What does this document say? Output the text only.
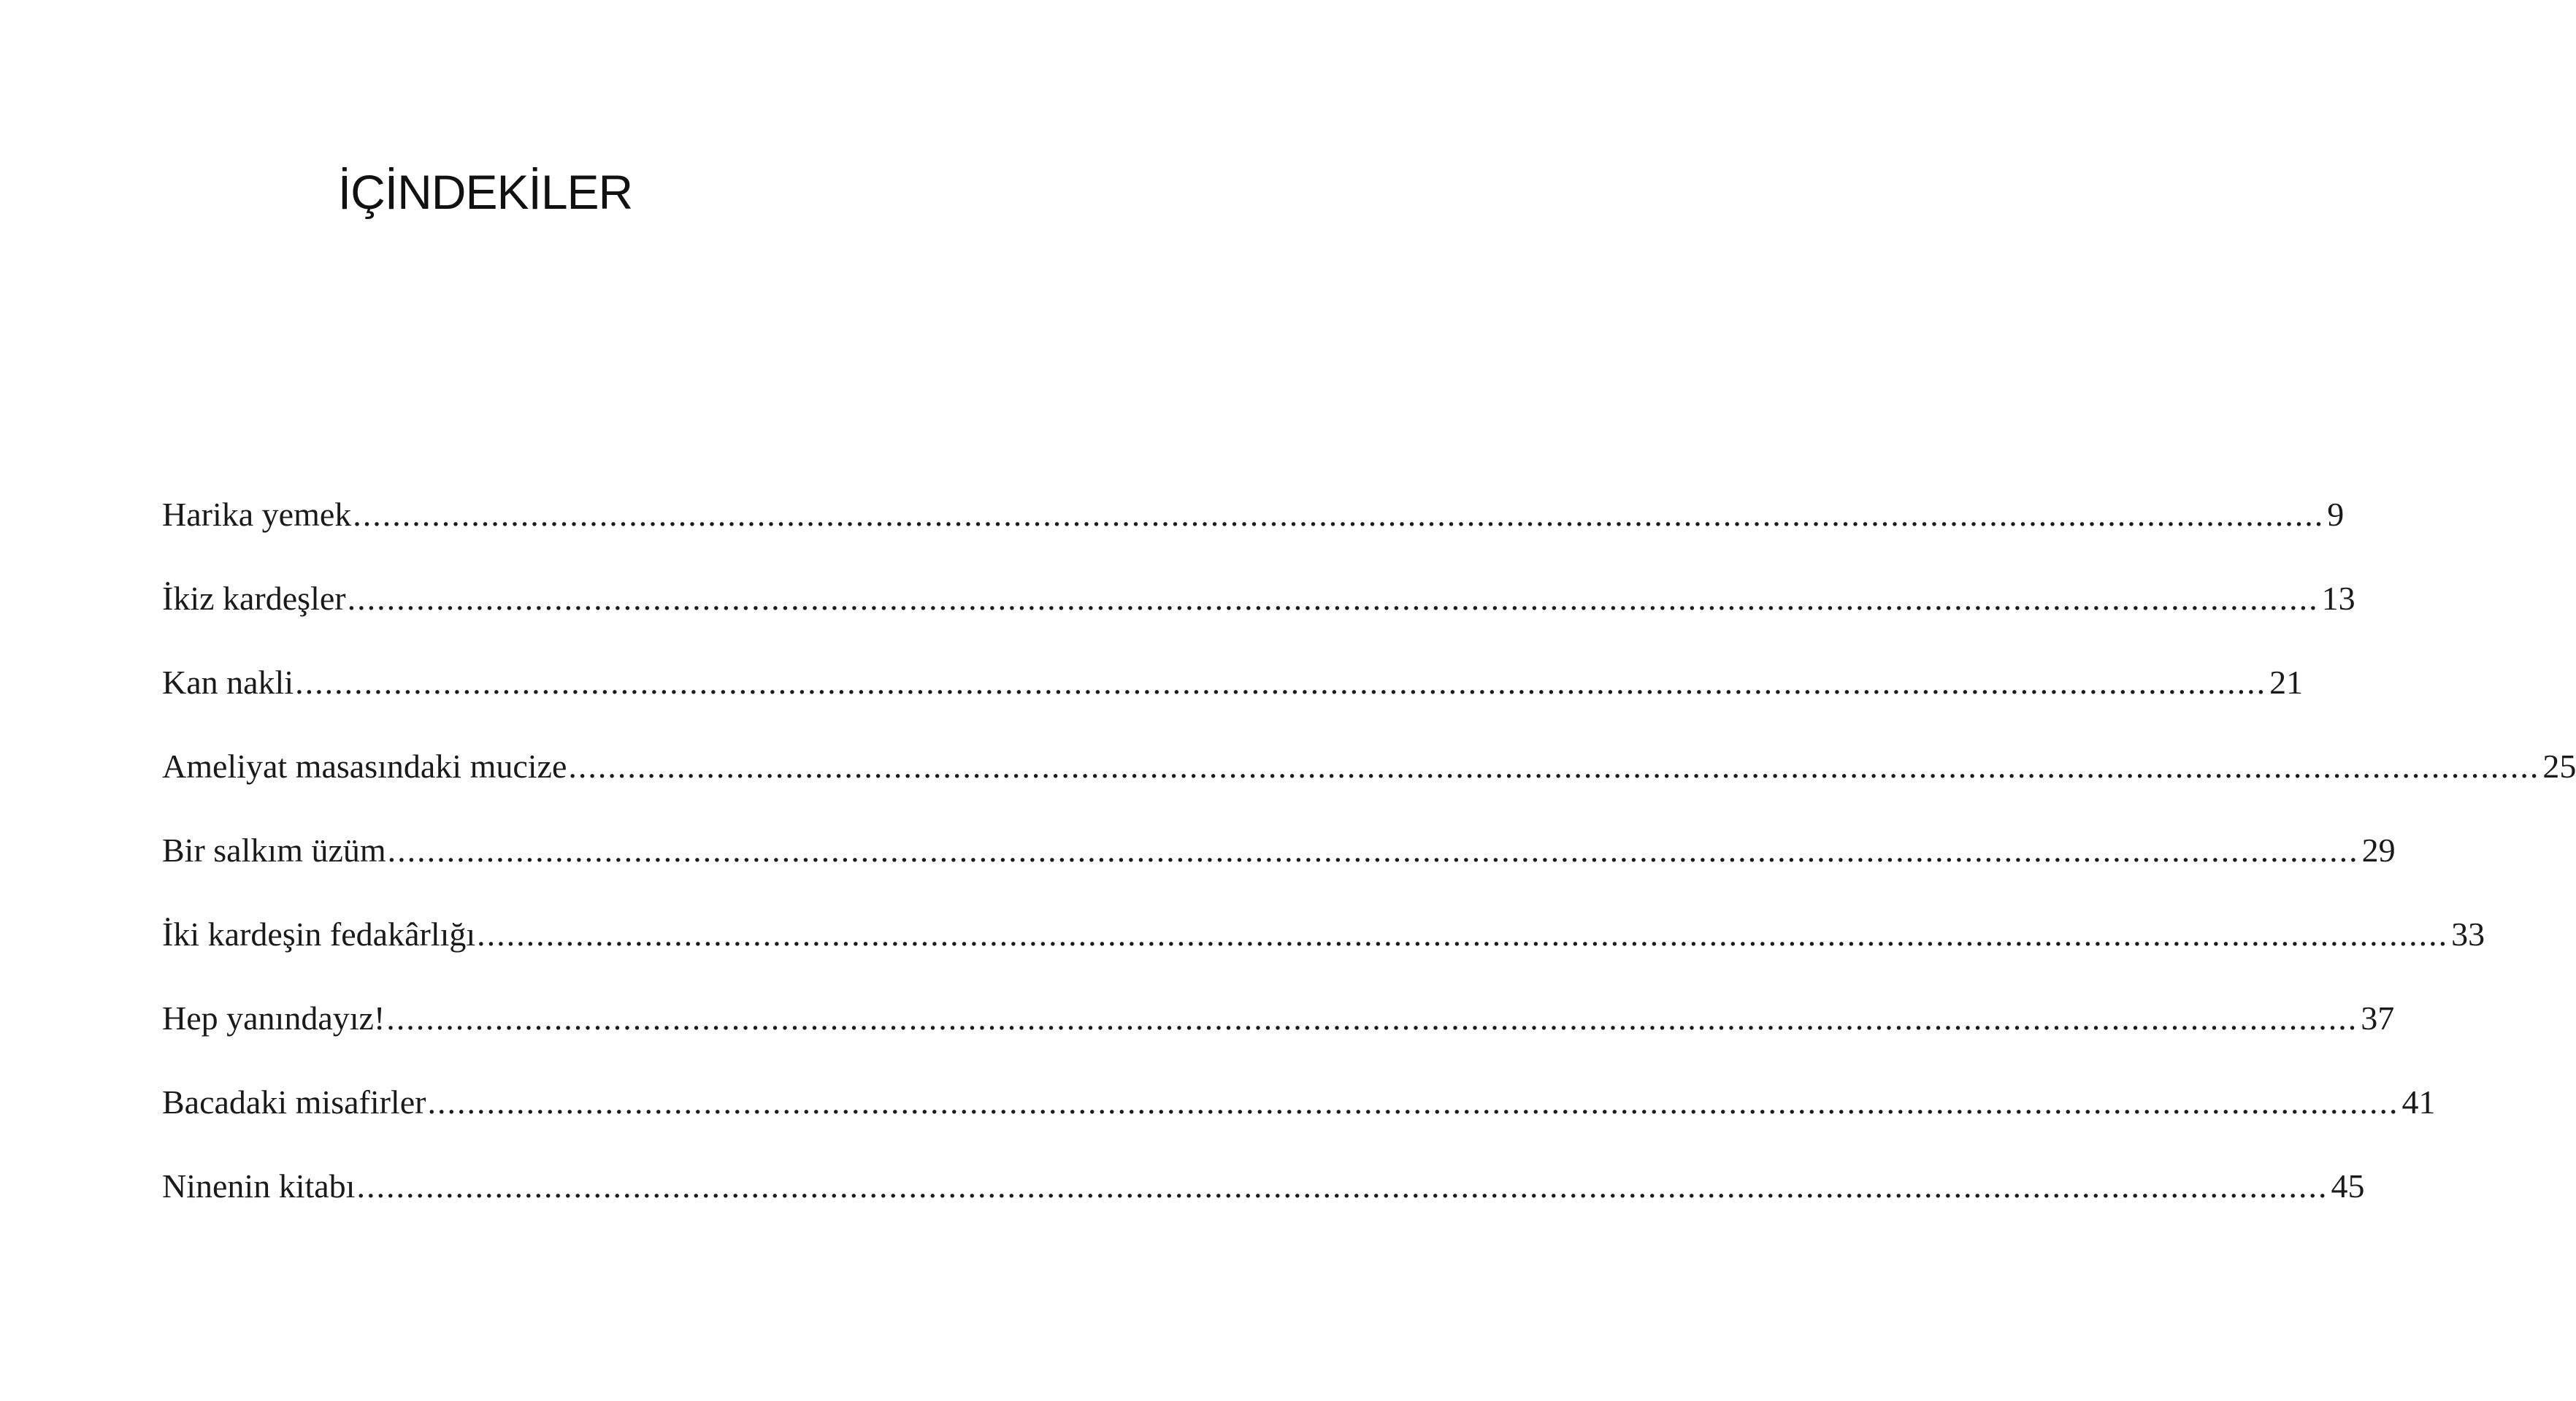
İÇİNDEKİLER
Harika yemek ........................................................................................................................................................................................................ 9
İkiz kardeşler ........................................................................................................................................................................................................ 13
Kan nakli ........................................................................................................................................................................................................ 21
Ameliyat masasındaki mucize ........................................................................................................................................................................................................ 25
Bir salkım üzüm ........................................................................................................................................................................................................ 29
İki kardeşin fedakârlığı ........................................................................................................................................................................................................ 33
Hep yanındayız! ........................................................................................................................................................................................................ 37
Bacadaki misafirler ........................................................................................................................................................................................................ 41
Ninenin kitabı ........................................................................................................................................................................................................ 45
